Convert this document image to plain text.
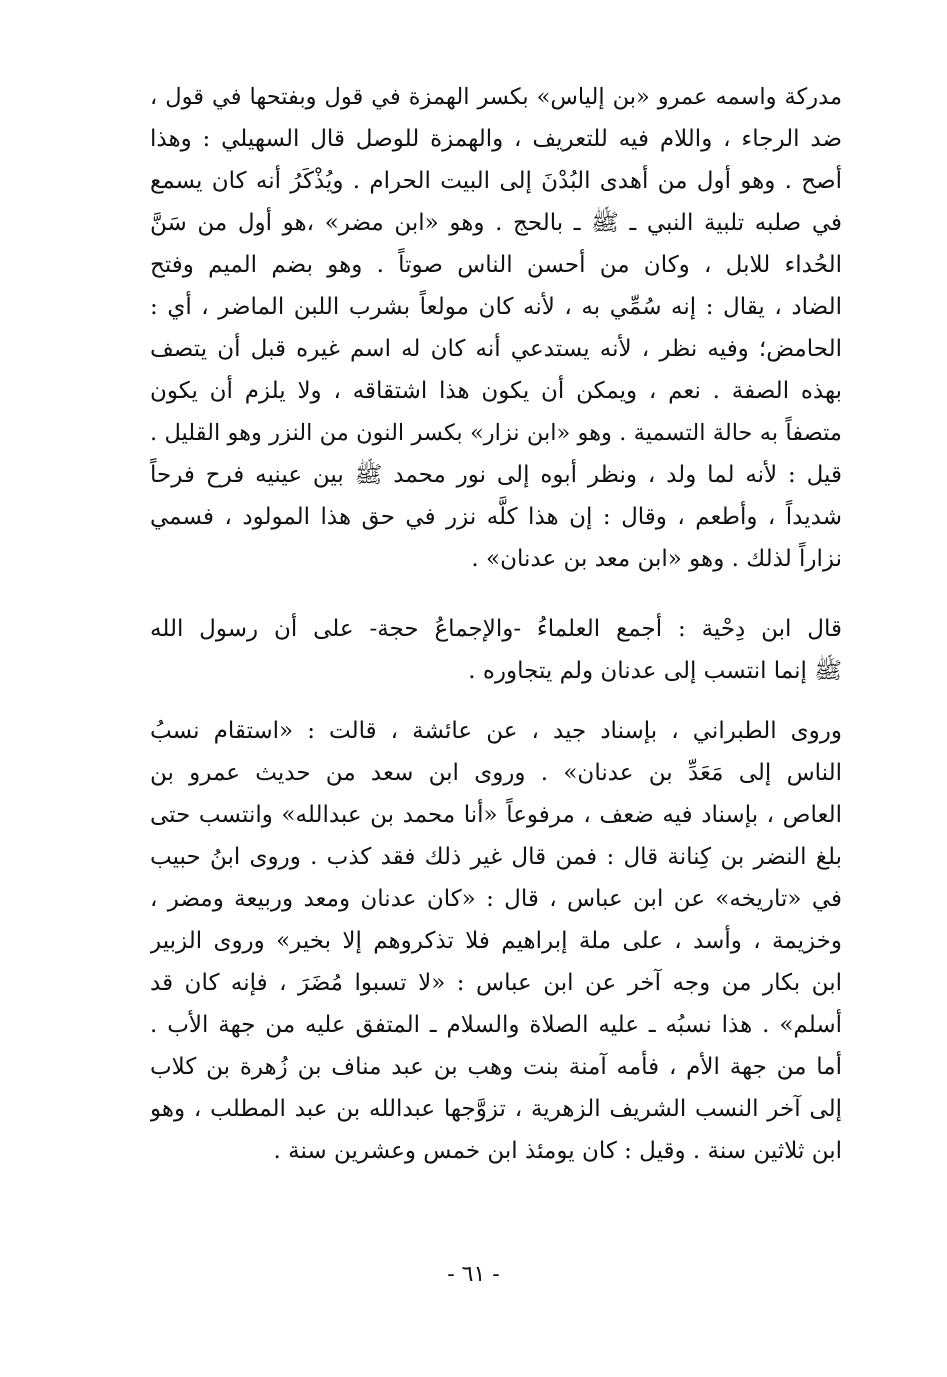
مدركة واسمه عمرو «بن إلياس» بكسر الهمزة في قول وبفتحها في قول ،
ضد الرجاء ، واللام فيه للتعريف ، والهمزة للوصل قال السهيلي : وهذا
أصح . وهو أول من أهدى البُدْنَ إلى البيت الحرام . ويُذْكَرُ أنه كان يسمع
في صلبه تلبية النبي ـ ﷺ ـ بالحج . وهو «ابن مضر» ،هو أول من سَنَّ
الحُداء للابل ، وكان من أحسن الناس صوتاً . وهو بضم الميم وفتح
الضاد ، يقال : إنه سُمِّي به ، لأنه كان مولعاً بشرب اللبن الماضر ، أي :
الحامض؛ وفيه نظر ، لأنه يستدعي أنه كان له اسم غيره قبل أن يتصف
بهذه الصفة . نعم ، ويمكن أن يكون هذا اشتقاقه ، ولا يلزم أن يكون
متصفاً به حالة التسمية . وهو «ابن نزار» بكسر النون من النزر وهو القليل .
قيل : لأنه لما ولد ، ونظر أبوه إلى نور محمد ﷺ بين عينيه فرح فرحاً
شديداً ، وأطعم ، وقال : إن هذا كلَّه نزر في حق هذا المولود ، فسمي
نزاراً لذلك . وهو «ابن معد بن عدنان» .
قال ابن دِحْية : أجمع العلماءُ -والإجماعُ حجة- على أن رسول الله
ﷺ إنما انتسب إلى عدنان ولم يتجاوره .
وروى الطبراني ، بإسناد جيد ، عن عائشة ، قالت : «استقام نسبُ
الناس إلى مَعَدِّ بن عدنان» . وروى ابن سعد من حديث عمرو بن
العاص ، بإسناد فيه ضعف ، مرفوعاً «أنا محمد بن عبدالله» وانتسب حتى
بلغ النضر بن كِنانة قال : فمن قال غير ذلك فقد كذب . وروى ابنُ حبيب
في «تاريخه» عن ابن عباس ، قال : «كان عدنان ومعد وربيعة ومضر ،
وخزيمة ، وأسد ، على ملة إبراهيم فلا تذكروهم إلا بخير» وروى الزبير
ابن بكار من وجه آخر عن ابن عباس : «لا تسبوا مُضَرَ ، فإنه كان قد
أسلم» . هذا نسبُه ـ عليه الصلاة والسلام ـ المتفق عليه من جهة الأب .
أما من جهة الأم ، فأمه آمنة بنت وهب بن عبد مناف بن زُهرة بن كلاب
إلى آخر النسب الشريف الزهرية ، تزوَّجها عبدالله بن عبد المطلب ، وهو
ابن ثلاثين سنة . وقيل : كان يومئذ ابن خمس وعشرين سنة .
- ٦١ -
